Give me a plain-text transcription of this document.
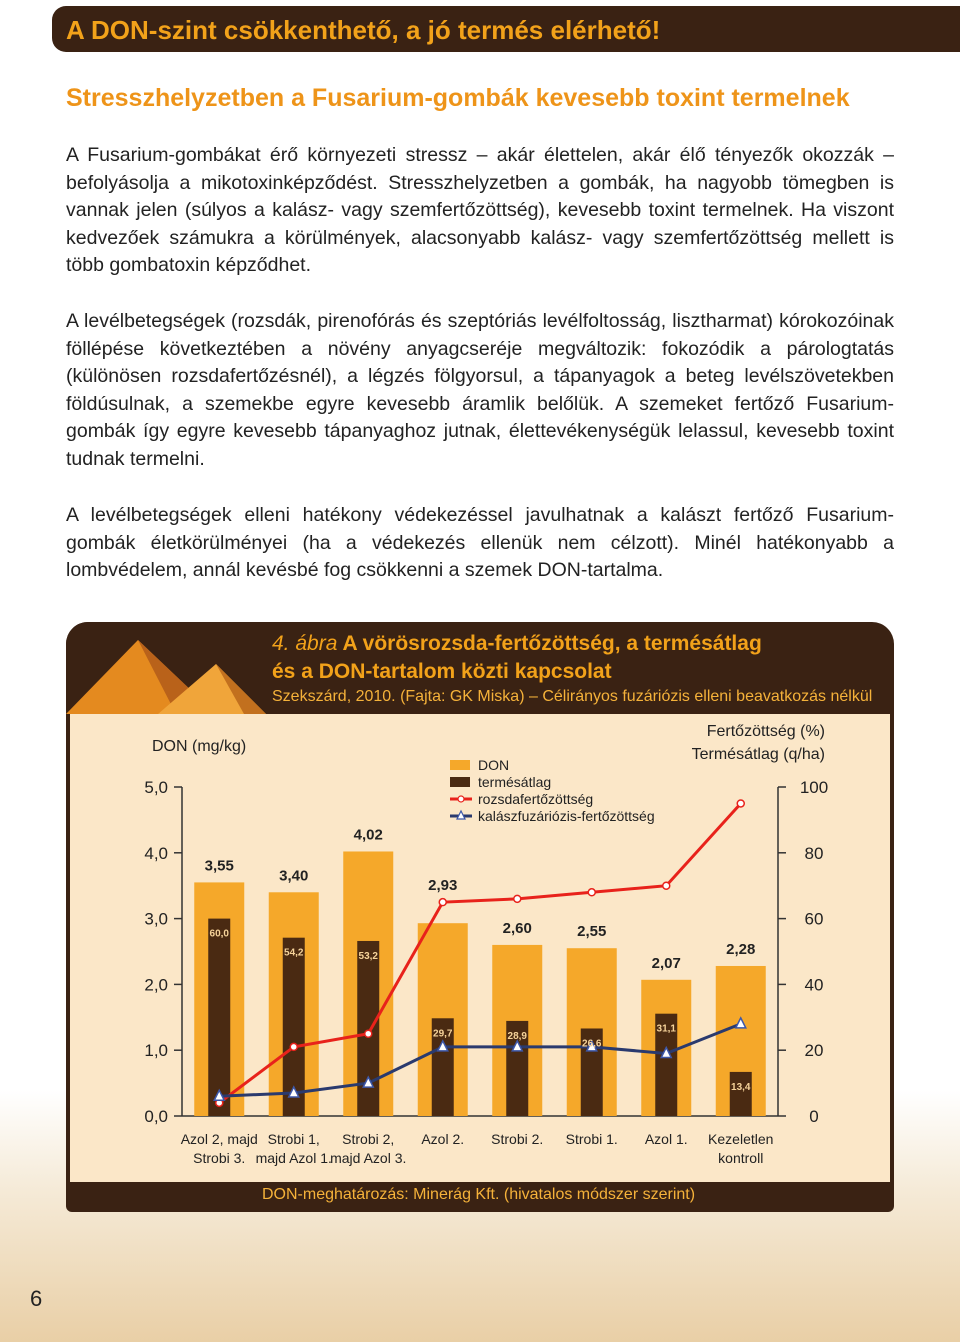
A DON-szint csökkenthető, a jó termés elérhető!
Stresszhelyzetben a Fusarium-gombák kevesebb toxint termelnek

A Fusarium-gombákat érő környezeti stressz – akár élettelen, akár élő tényezők okozzák – befolyásolja a mikotoxinképződést. Stresszhelyzetben a gombák, ha nagyobb tömegben is vannak jelen (súlyos a kalász- vagy szemfertőzöttség), kevesebb toxint termelnek. Ha viszont kedvezőek számukra a körülmények, alacsonyabb kalász- vagy szemfertőzöttség mellett is több gombatoxin képződhet.

A levélbetegségek (rozsdák, pirenofórás és szeptóriás levélfoltosság, lisztharmat) kórokozóinak föllépése következtében a növény anyagcseréje megváltozik: fokozódik a párologtatás (különösen rozsdafertőzésnél), a légzés fölgyorsul, a tápanyagok a beteg levélszövetekben földúsulnak, a szemekbe egyre kevesebb áramlik belőlük. A szemeket fertőző Fusarium-gombák így egyre kevesebb tápanyaghoz jutnak, élettevékenységük lelassul, kevesebb toxint tudnak termelni.

A levélbetegségek elleni hatékony védekezéssel javulhatnak a kalászt fertőző Fusarium-gombák életkörülményei (ha a védekezés ellenük nem célzott). Minél hatékonyabb a lombvédelem, annál kevésbé fog csökkenni a szemek DON-tartalma.

4. ábra A vörösrozsda-fertőzöttség, a termésátlag
és a DON-tartalom közti kapcsolat
Szekszárd, 2010. (Fajta: GK Miska) – Célirányos fuzáriózis elleni beavatkozás nélkül
0,0
1,0
2,0
3,0
4,0
5,0
0
20
40
60
80
100
DON (mg/kg)
Fertőzöttség (%)
Termésátlag (q/ha)
Azol 2, majd
Strobi 3.
Strobi 1,
majd Azol 1.
Strobi 2,
majd Azol 3.
Azol 2. Strobi 2. Strobi 1. Azol 1. Kezeletlen
kontroll
3,55
3,40
4,02
2,93
2,60	2,55
2,07
2,28
60,0
54,2	53,2
29,7	28,9
26,6
31,1
13,4
DON
termésátlag
rozsdafertőzöttség
kalászfuzáriózis-fertőzöttség
DON-meghatározás: Minerág Kft. (hivatalos módszer szerint)
6
